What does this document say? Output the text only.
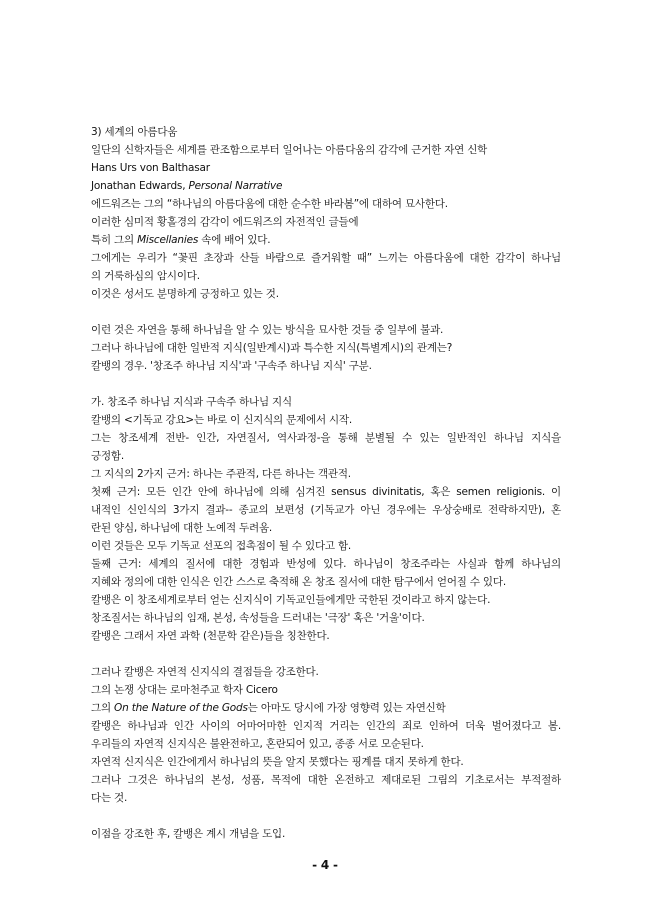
3) 세계의 아름다움
일단의 신학자들은 세계를 관조함으로부터 일어나는 아름다움의 감각에 근거한 자연 신학
Hans Urs von Balthasar
Jonathan Edwards, Personal Narrative
에드워즈는 그의 “하나님의 아름다움에 대한 순수한 바라봄”에 대하여 묘사한다.
이러한 심미적 황홀경의 감각이 에드워즈의 자전적인 글들에
특히 그의 Miscellanies 속에 배어 있다.
그에게는 우리가 “꽃핀 초장과 산들 바람으로 즐거워할 때” 느끼는 아름다움에 대한 감각이 하나님
의 거룩하심의 암시이다.
이것은 성서도 분명하게 긍정하고 있는 것.
이런 것은 자연을 통해 하나님을 알 수 있는 방식을 묘사한 것들 중 일부에 불과.
그러나 하나님에 대한 일반적 지식(일반계시)과 특수한 지식(특별계시)의 관계는?
칼뱅의 경우. '창조주 하나님 지식'과 '구속주 하나님 지식' 구분.
가. 창조주 하나님 지식과 구속주 하나님 지식
칼뱅의 <기독교 강요>는 바로 이 신지식의 문제에서 시작.
그는 창조세계 전반- 인간, 자연질서, 역사과정-을 통해 분별될 수 있는 일반적인 하나님 지식을
긍정함.
그 지식의 2가지 근거: 하나는 주관적, 다른 하나는 객관적.
첫째 근거: 모든 인간 안에 하나님에 의해 심겨진 sensus divinitatis, 혹은 semen religionis. 이
내적인 신인식의 3가지 결과-- 종교의 보편성 (기독교가 아닌 경우에는 우상숭배로 전락하지만), 혼
란된 양심, 하나님에 대한 노예적 두려움.
이런 것들은 모두 기독교 선포의 접촉점이 될 수 있다고 함.
둘째 근거: 세계의 질서에 대한 경험과 반성에 있다. 하나님이 창조주라는 사실과 함께 하나님의
지혜와 정의에 대한 인식은 인간 스스로 축적해 온 창조 질서에 대한 탐구에서 얻어질 수 있다.
칼뱅은 이 창조세계로부터 얻는 신지식이 기독교인들에게만 국한된 것이라고 하지 않는다.
창조질서는 하나님의 임재, 본성, 속성들을 드러내는 '극장' 혹은 '거울'이다.
칼뱅은 그래서 자연 과학 (천문학 같은)들을 칭찬한다.
그러나 칼뱅은 자연적 신지식의 결점들을 강조한다.
그의 논쟁 상대는 로마천주교 학자 Cicero
그의 On the Nature of the Gods는 아마도 당시에 가장 영향력 있는 자연신학
칼뱅은 하나님과 인간 사이의 어마어마한 인지적 거리는 인간의 죄로 인하여 더욱 벌어졌다고 봄.
우리들의 자연적 신지식은 불완전하고, 혼란되어 있고, 종종 서로 모순된다.
자연적 신지식은 인간에게서 하나님의 뜻을 알지 못했다는 핑계를 대지 못하게 한다.
그러나 그것은 하나님의 본성, 성품, 목적에 대한 온전하고 제대로된 그림의 기초로서는 부적절하
다는 것.
이점을 강조한 후, 칼뱅은 계시 개념을 도입.
- 4 -
